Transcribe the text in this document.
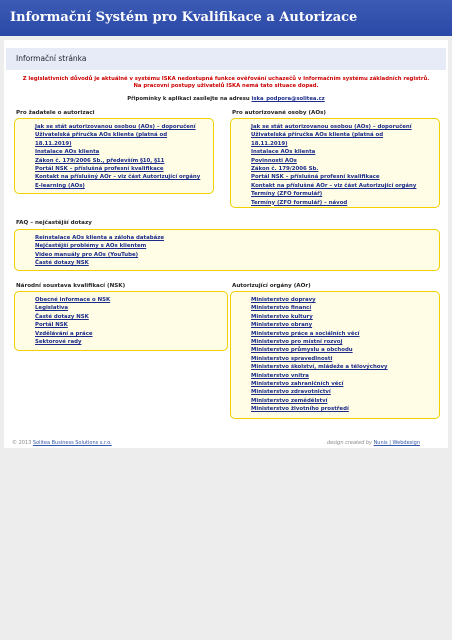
Informační Systém pro Kvalifikace a Autorizace
Informační stránka
Z legislativních důvodů je aktuálně v systému ISKA nedostupná funkce ověřování uchazečů v Informačním systému základních registrů.
Na pracovní postupy uživatelů ISKA nemá tato situace dopad.
Připomínky k aplikaci zasílejte na adresu iska_podpora@solitea.cz
Pro žadatele o autorizaci
Jak se stát autorizovanou osobou (AOs) – doporučení
Uživatelská příručka AOs klienta (platná od
18.11.2019)
Instalace AOs klienta
Zákon č. 179/2006 Sb., především §10, §11
Portál NSK – příslušná profesní kvalifikace
Kontakt na příslušný AOr – viz část Autorizující orgány
E-learning (AOs)
Pro autorizované osoby (AOs)
Jak se stát autorizovanou osobou (AOs) – doporučení
Uživatelská příručka AOs klienta (platná od
18.11.2019)
Instalace AOs klienta
Povinnosti AOs
Zákon č. 179/2006 Sb.
Portál NSK – příslušná profesní kvalifikace
Kontakt na příslušné AOr – viz část Autorizující orgány
Termíny (ZFO formulář)
Termíny (ZFO formulář) – návod
FAQ – nejčastější dotazy
Reinstalace AOs klienta a záloha databáze
Nejčastější problémy s AOs klientem
Video manuály pro AOs (YouTube)
Časté dotazy NSK
Národní soustava kvalifikací (NSK)
Obecné informace o NSK
Legislativa
Časté dotazy NSK
Portál NSK
Vzdělávání a práce
Sektorové rady
Autorizující orgány (AOr)
Ministerstvo dopravy
Ministerstvo financí
Ministerstvo kultury
Ministerstvo obrany
Ministerstvo práce a sociálních věcí
Ministerstvo pro místní rozvoj
Ministerstvo průmyslu a obchodu
Ministerstvo spravedlnosti
Ministerstvo školství, mládeže a tělovýchovy
Ministerstvo vnitra
Ministerstvo zahraničních věcí
Ministerstvo zdravotnictví
Ministerstvo zemědělství
Ministerstvo životního prostředí
© 2013 Solitea Business Solutions s.r.o.	design created by Nunis | Webdesign
